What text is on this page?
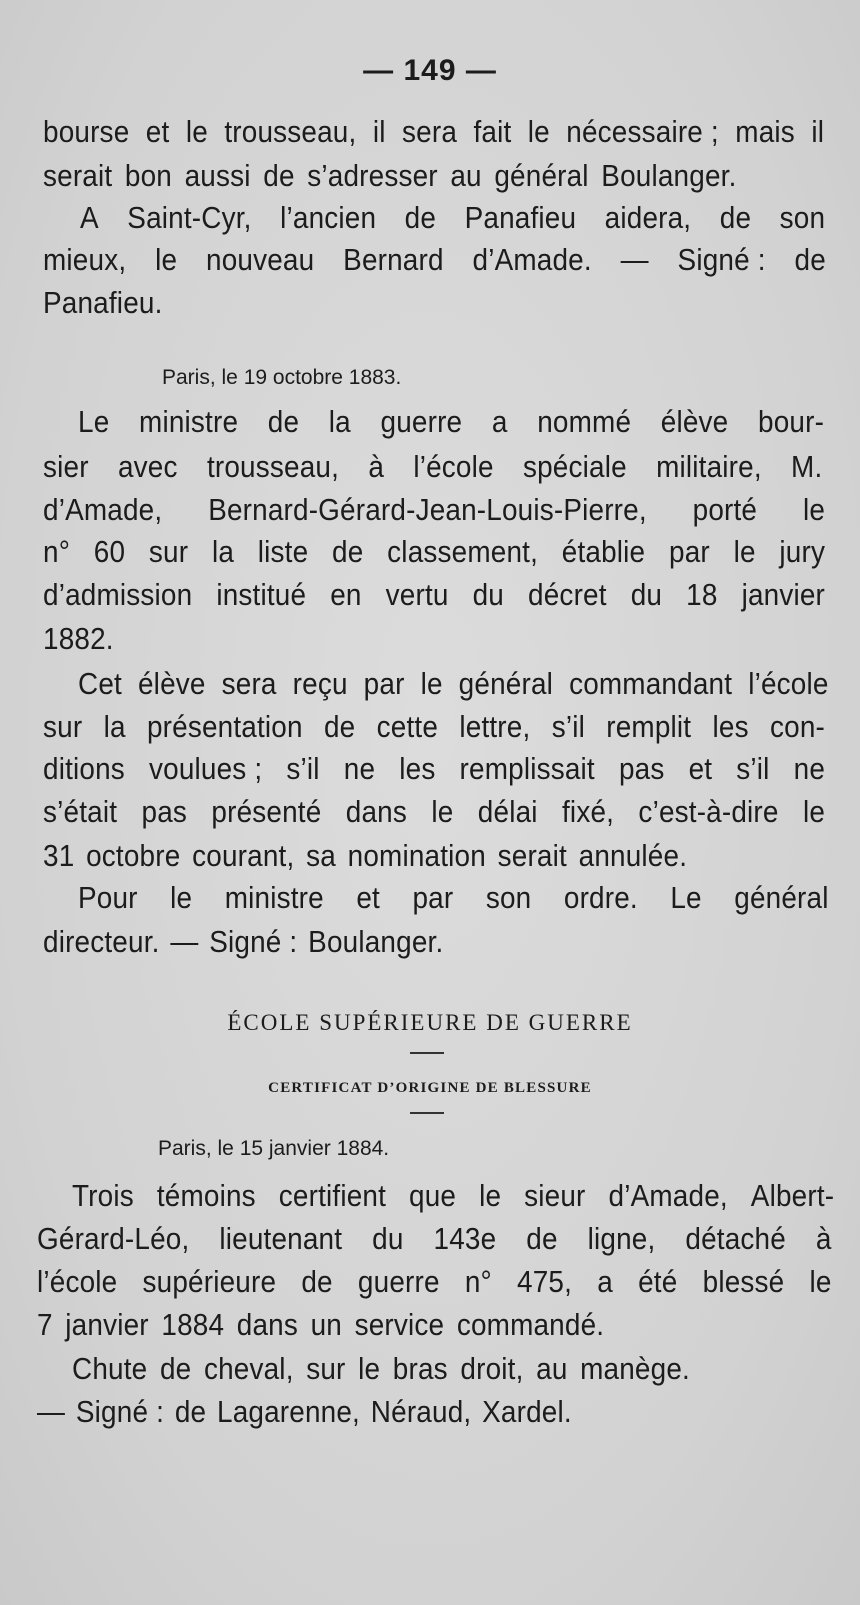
— 149 —
bourse et le trousseau, il sera fait le nécessaire ; mais il
serait bon aussi de s’adresser au général Boulanger.
A Saint-Cyr, l’ancien de Panafieu aidera, de son
mieux, le nouveau Bernard d’Amade. — Signé : de
Panafieu.
Paris, le 19 octobre 1883.
Le ministre de la guerre a nommé élève bour-
sier avec trousseau, à l’école spéciale militaire, M.
d’Amade, Bernard-Gérard-Jean-Louis-Pierre, porté le
n° 60 sur la liste de classement, établie par le jury
d’admission institué en vertu du décret du 18 janvier
1882.
Cet élève sera reçu par le général commandant l’école
sur la présentation de cette lettre, s’il remplit les con-
ditions voulues ; s’il ne les remplissait pas et s’il ne
s’était pas présenté dans le délai fixé, c’est-à-dire le
31 octobre courant, sa nomination serait annulée.
Pour le ministre et par son ordre. Le général
directeur. — Signé : Boulanger.
ÉCOLE SUPÉRIEURE DE GUERRE
CERTIFICAT D’ORIGINE DE BLESSURE
Paris, le 15 janvier 1884.
Trois témoins certifient que le sieur d’Amade, Albert-
Gérard-Léo, lieutenant du 143e de ligne, détaché à
l’école supérieure de guerre n° 475, a été blessé le
7 janvier 1884 dans un service commandé.
Chute de cheval, sur le bras droit, au manège.
— Signé : de Lagarenne, Néraud, Xardel.
